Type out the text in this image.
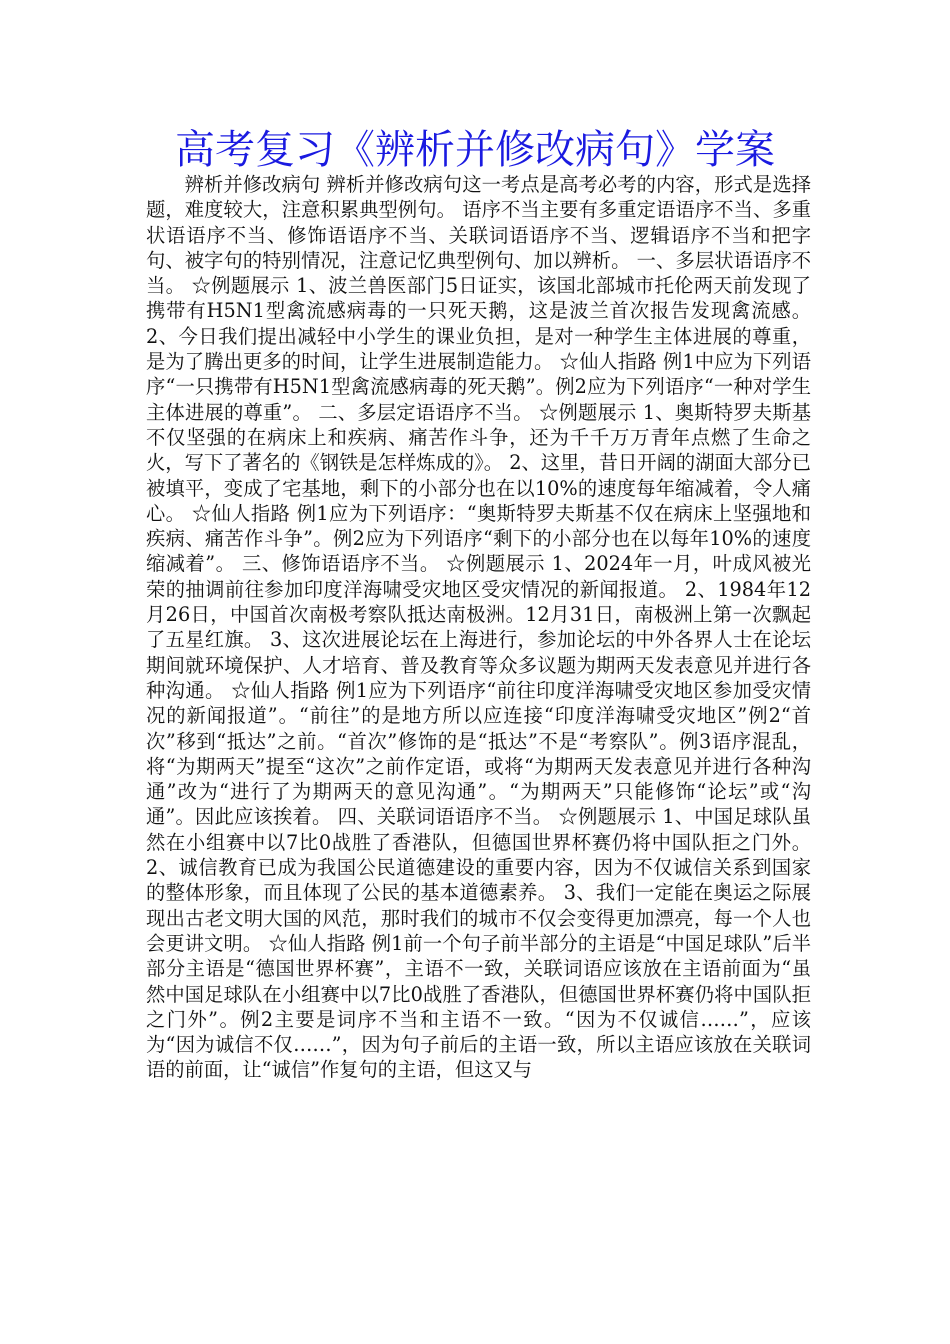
高考复习《辨析并修改病句》学案

辨析并修改病句 辨析并修改病句这一考点是高考必考的内容，形式是选择题，难度较大，注意积累典型例句。 语序不当主要有多重定语语序不当、多重状语语序不当、修饰语语序不当、关联词语语序不当、逻辑语序不当和把字句、被字句的特别情况，注意记忆典型例句、加以辨析。 一、多层状语语序不当。 ☆例题展示 1、波兰兽医部门5日证实，该国北部城市托伦两天前发现了携带有H5N1型禽流感病毒的一只死天鹅，这是波兰首次报告发现禽流感。 2、今日我们提出减轻中小学生的课业负担，是对一种学生主体进展的尊重，是为了腾出更多的时间，让学生进展制造能力。 ☆仙人指路 例1中应为下列语序“一只携带有H5N1型禽流感病毒的死天鹅”。例2应为下列语序“一种对学生主体进展的尊重”。 二、多层定语语序不当。 ☆例题展示 1、奥斯特罗夫斯基不仅坚强的在病床上和疾病、痛苦作斗争，还为千千万万青年点燃了生命之火，写下了著名的《钢铁是怎样炼成的》。 2、这里，昔日开阔的湖面大部分已被填平，变成了宅基地，剩下的小部分也在以10%的速度每年缩减着，令人痛心。 ☆仙人指路 例1应为下列语序：“奥斯特罗夫斯基不仅在病床上坚强地和疾病、痛苦作斗争”。例2应为下列语序“剩下的小部分也在以每年10%的速度缩减着”。 三、修饰语语序不当。 ☆例题展示 1、2024年一月，叶成风被光荣的抽调前往参加印度洋海啸受灾地区受灾情况的新闻报道。 2、1984年12月26日，中国首次南极考察队抵达南极洲。12月31日，南极洲上第一次飘起了五星红旗。 3、这次进展论坛在上海进行，参加论坛的中外各界人士在论坛期间就环境保护、人才培育、普及教育等众多议题为期两天发表意见并进行各种沟通。 ☆仙人指路 例1应为下列语序“前往印度洋海啸受灾地区参加受灾情况的新闻报道”。“前往”的是地方所以应连接“印度洋海啸受灾地区”例2“首次”移到“抵达”之前。“首次”修饰的是“抵达”不是“考察队”。例3语序混乱，将“为期两天”提至“这次”之前作定语，或将“为期两天发表意见并进行各种沟通”改为“进行了为期两天的意见沟通”。“为期两天”只能修饰“论坛”或“沟通”。因此应该挨着。 四、关联词语语序不当。 ☆例题展示 1、中国足球队虽然在小组赛中以7比0战胜了香港队，但德国世界杯赛仍将中国队拒之门外。 2、诚信教育已成为我国公民道德建设的重要内容，因为不仅诚信关系到国家的整体形象，而且体现了公民的基本道德素养。 3、我们一定能在奥运之际展现出古老文明大国的风范，那时我们的城市不仅会变得更加漂亮，每一个人也会更讲文明。 ☆仙人指路 例1前一个句子前半部分的主语是“中国足球队”后半部分主语是“德国世界杯赛”，主语不一致，关联词语应该放在主语前面为“虽然中国足球队在小组赛中以7比0战胜了香港队，但德国世界杯赛仍将中国队拒之门外”。例2主要是词序不当和主语不一致。“因为不仅诚信……”，应该为“因为诚信不仅……”，因为句子前后的主语一致，所以主语应该放在关联词语的前面，让“诚信”作复句的主语，但这又与
